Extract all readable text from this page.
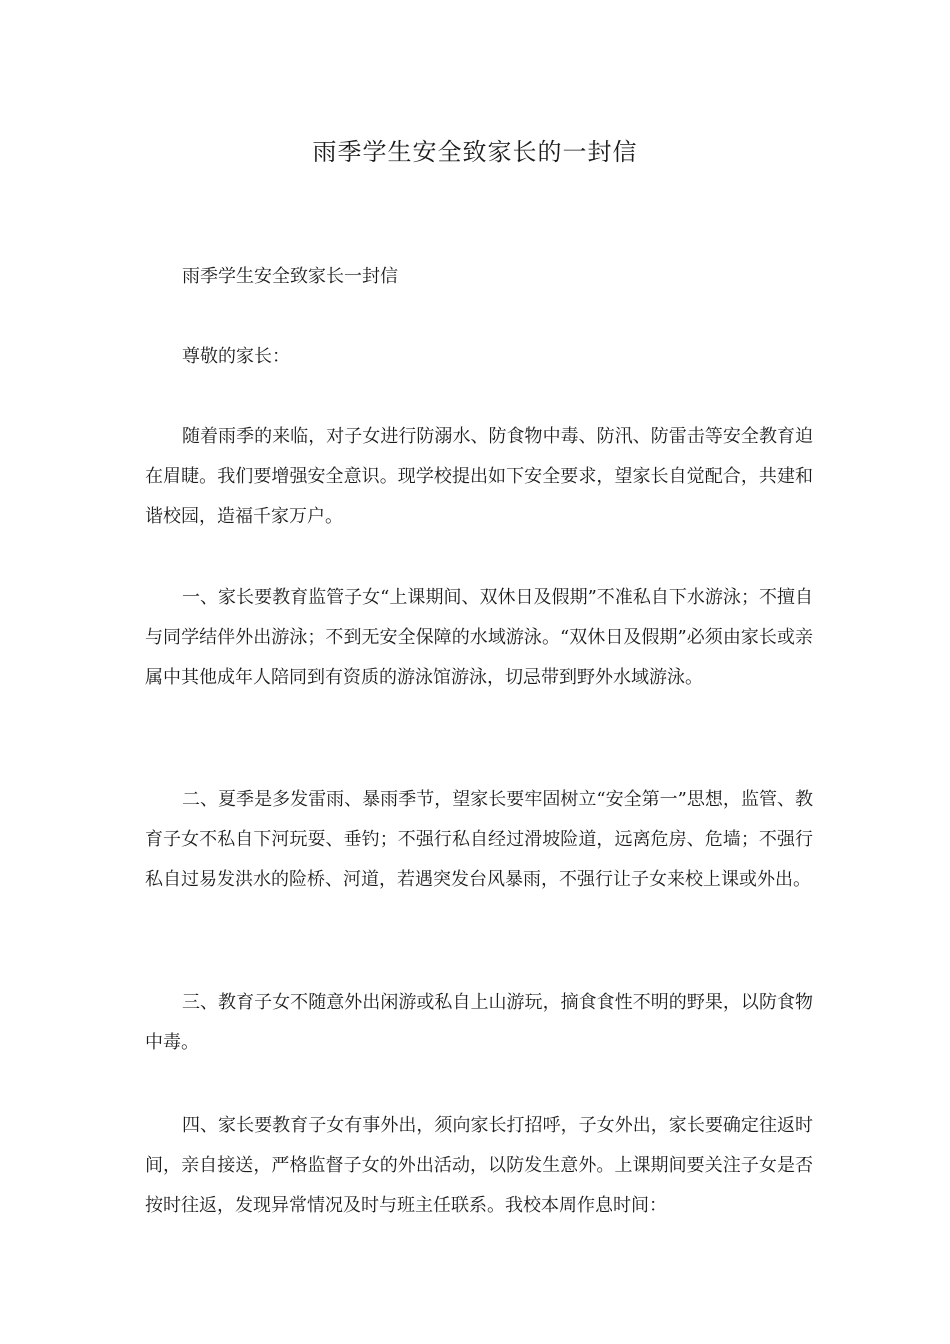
雨季学生安全致家长的一封信

雨季学生安全致家长一封信

尊敬的家长：

随着雨季的来临，对子女进行防溺水、防食物中毒、防汛、防雷击等安全教育迫在眉睫。我们要增强安全意识。现学校提出如下安全要求，望家长自觉配合，共建和谐校园，造福千家万户。

一、家长要教育监管子女“上课期间、双休日及假期”不准私自下水游泳；不擅自与同学结伴外出游泳；不到无安全保障的水域游泳。“双休日及假期”必须由家长或亲属中其他成年人陪同到有资质的游泳馆游泳，切忌带到野外水域游泳。

二、夏季是多发雷雨、暴雨季节，望家长要牢固树立“安全第一”思想，监管、教育子女不私自下河玩耍、垂钓；不强行私自经过滑坡险道，远离危房、危墙；不强行私自过易发洪水的险桥、河道，若遇突发台风暴雨，不强行让子女来校上课或外出。

三、教育子女不随意外出闲游或私自上山游玩，摘食食性不明的野果，以防食物中毒。

四、家长要教育子女有事外出，须向家长打招呼，子女外出，家长要确定往返时间，亲自接送，严格监督子女的外出活动，以防发生意外。上课期间要关注子女是否按时往返，发现异常情况及时与班主任联系。我校本周作息时间：
